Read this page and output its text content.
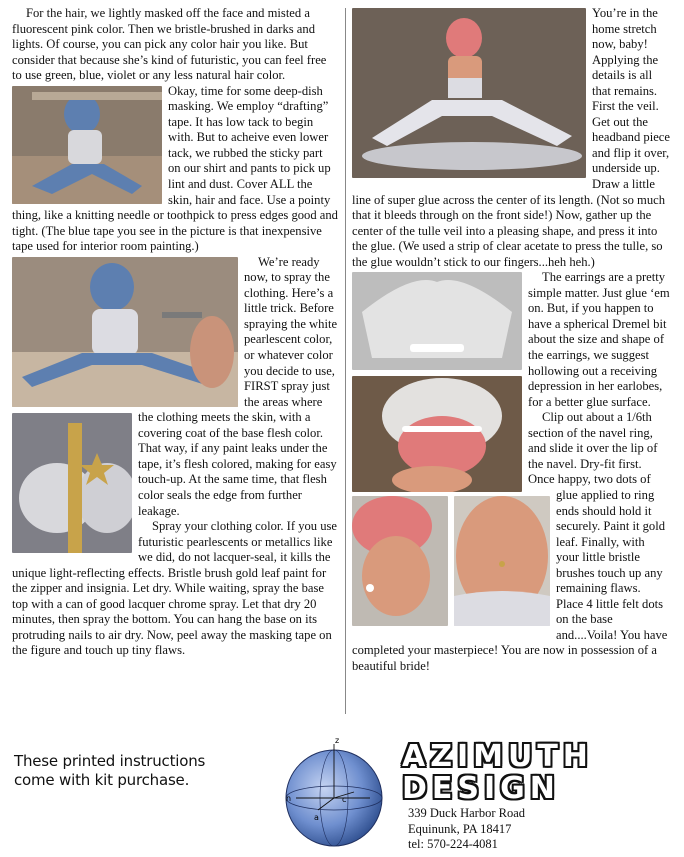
For the hair, we lightly masked off the face and misted a fluorescent pink color. Then we bristle-brushed in darks and lights. Of course, you can pick any color hair you like. But consider that because she’s kind of futuristic, you can feel free to use green, blue, violet or any less natural hair color.

Okay, time for some deep-dish masking. We employ “drafting” tape. It has low tack to begin with. But to acheive even lower tack, we rubbed the sticky part on our shirt and pants to pick up lint and dust. Cover ALL the skin, hair and face. Use a pointy thing, like a knitting needle or toothpick to press edges good and tight. (The blue tape you see in the picture is that inexpensive tape used for interior room painting.)

We’re ready now, to spray the clothing. Here’s a little trick. Before spraying the white pearlescent color, or whatever color you decide to use, FIRST spray just the areas where the clothing meets the skin, with a covering coat of the base flesh color. That way, if any paint leaks under the tape, it’s flesh colored, making for easy touch-up. At the same time, that flesh color seals the edge from further leakage.

Spray your clothing color. If you use futuristic pearlescents or metallics like we did, do not lacquer-seal, it kills the unique light-reflecting effects. Bristle brush gold leaf paint for the zipper and insignia. Let dry. While waiting, spray the base top with a can of good lacquer chrome spray. Let that dry 20 minutes, then spray the bottom. You can hang the base on its protruding nails to air dry. Now, peel away the masking tape on the figure and touch up tiny flaws.

You’re in the home stretch now, baby! Applying the details is all that remains. First the veil. Get out the headband piece and flip it over, underside up. Draw a little line of super glue across the center of its length. (Not so much that it bleeds through on the front side!) Now, gather up the center of the tulle veil into a pleasing shape, and press it into the glue. (We used a strip of clear acetate to press the tulle, so the glue wouldn’t stick to our fingers...heh heh.)

The earrings are a pretty simple matter. Just glue ‘em on. But, if you happen to have a spherical Dremel bit about the size and shape of the earrings, we suggest hollowing out a receiving depression in her earlobes, for a better glue surface.

Clip out about a 1/6th section of the navel ring, and slide it over the lip of the navel. Dry-fit first. Once happy, two dots of glue applied to ring ends should hold it securely. Paint it gold leaf. Finally, with your little bristle brushes touch up any remaining flaws. Place 4 little felt dots on the base and....Voila! You have completed your masterpiece! You are now in possession of a beautiful bride!

These printed instructions
come with kit purchase.
z
n	c
a
AZIMUTH
DESIGN
339 Duck Harbor Road
Equinunk, PA 18417
tel: 570-224-4081
